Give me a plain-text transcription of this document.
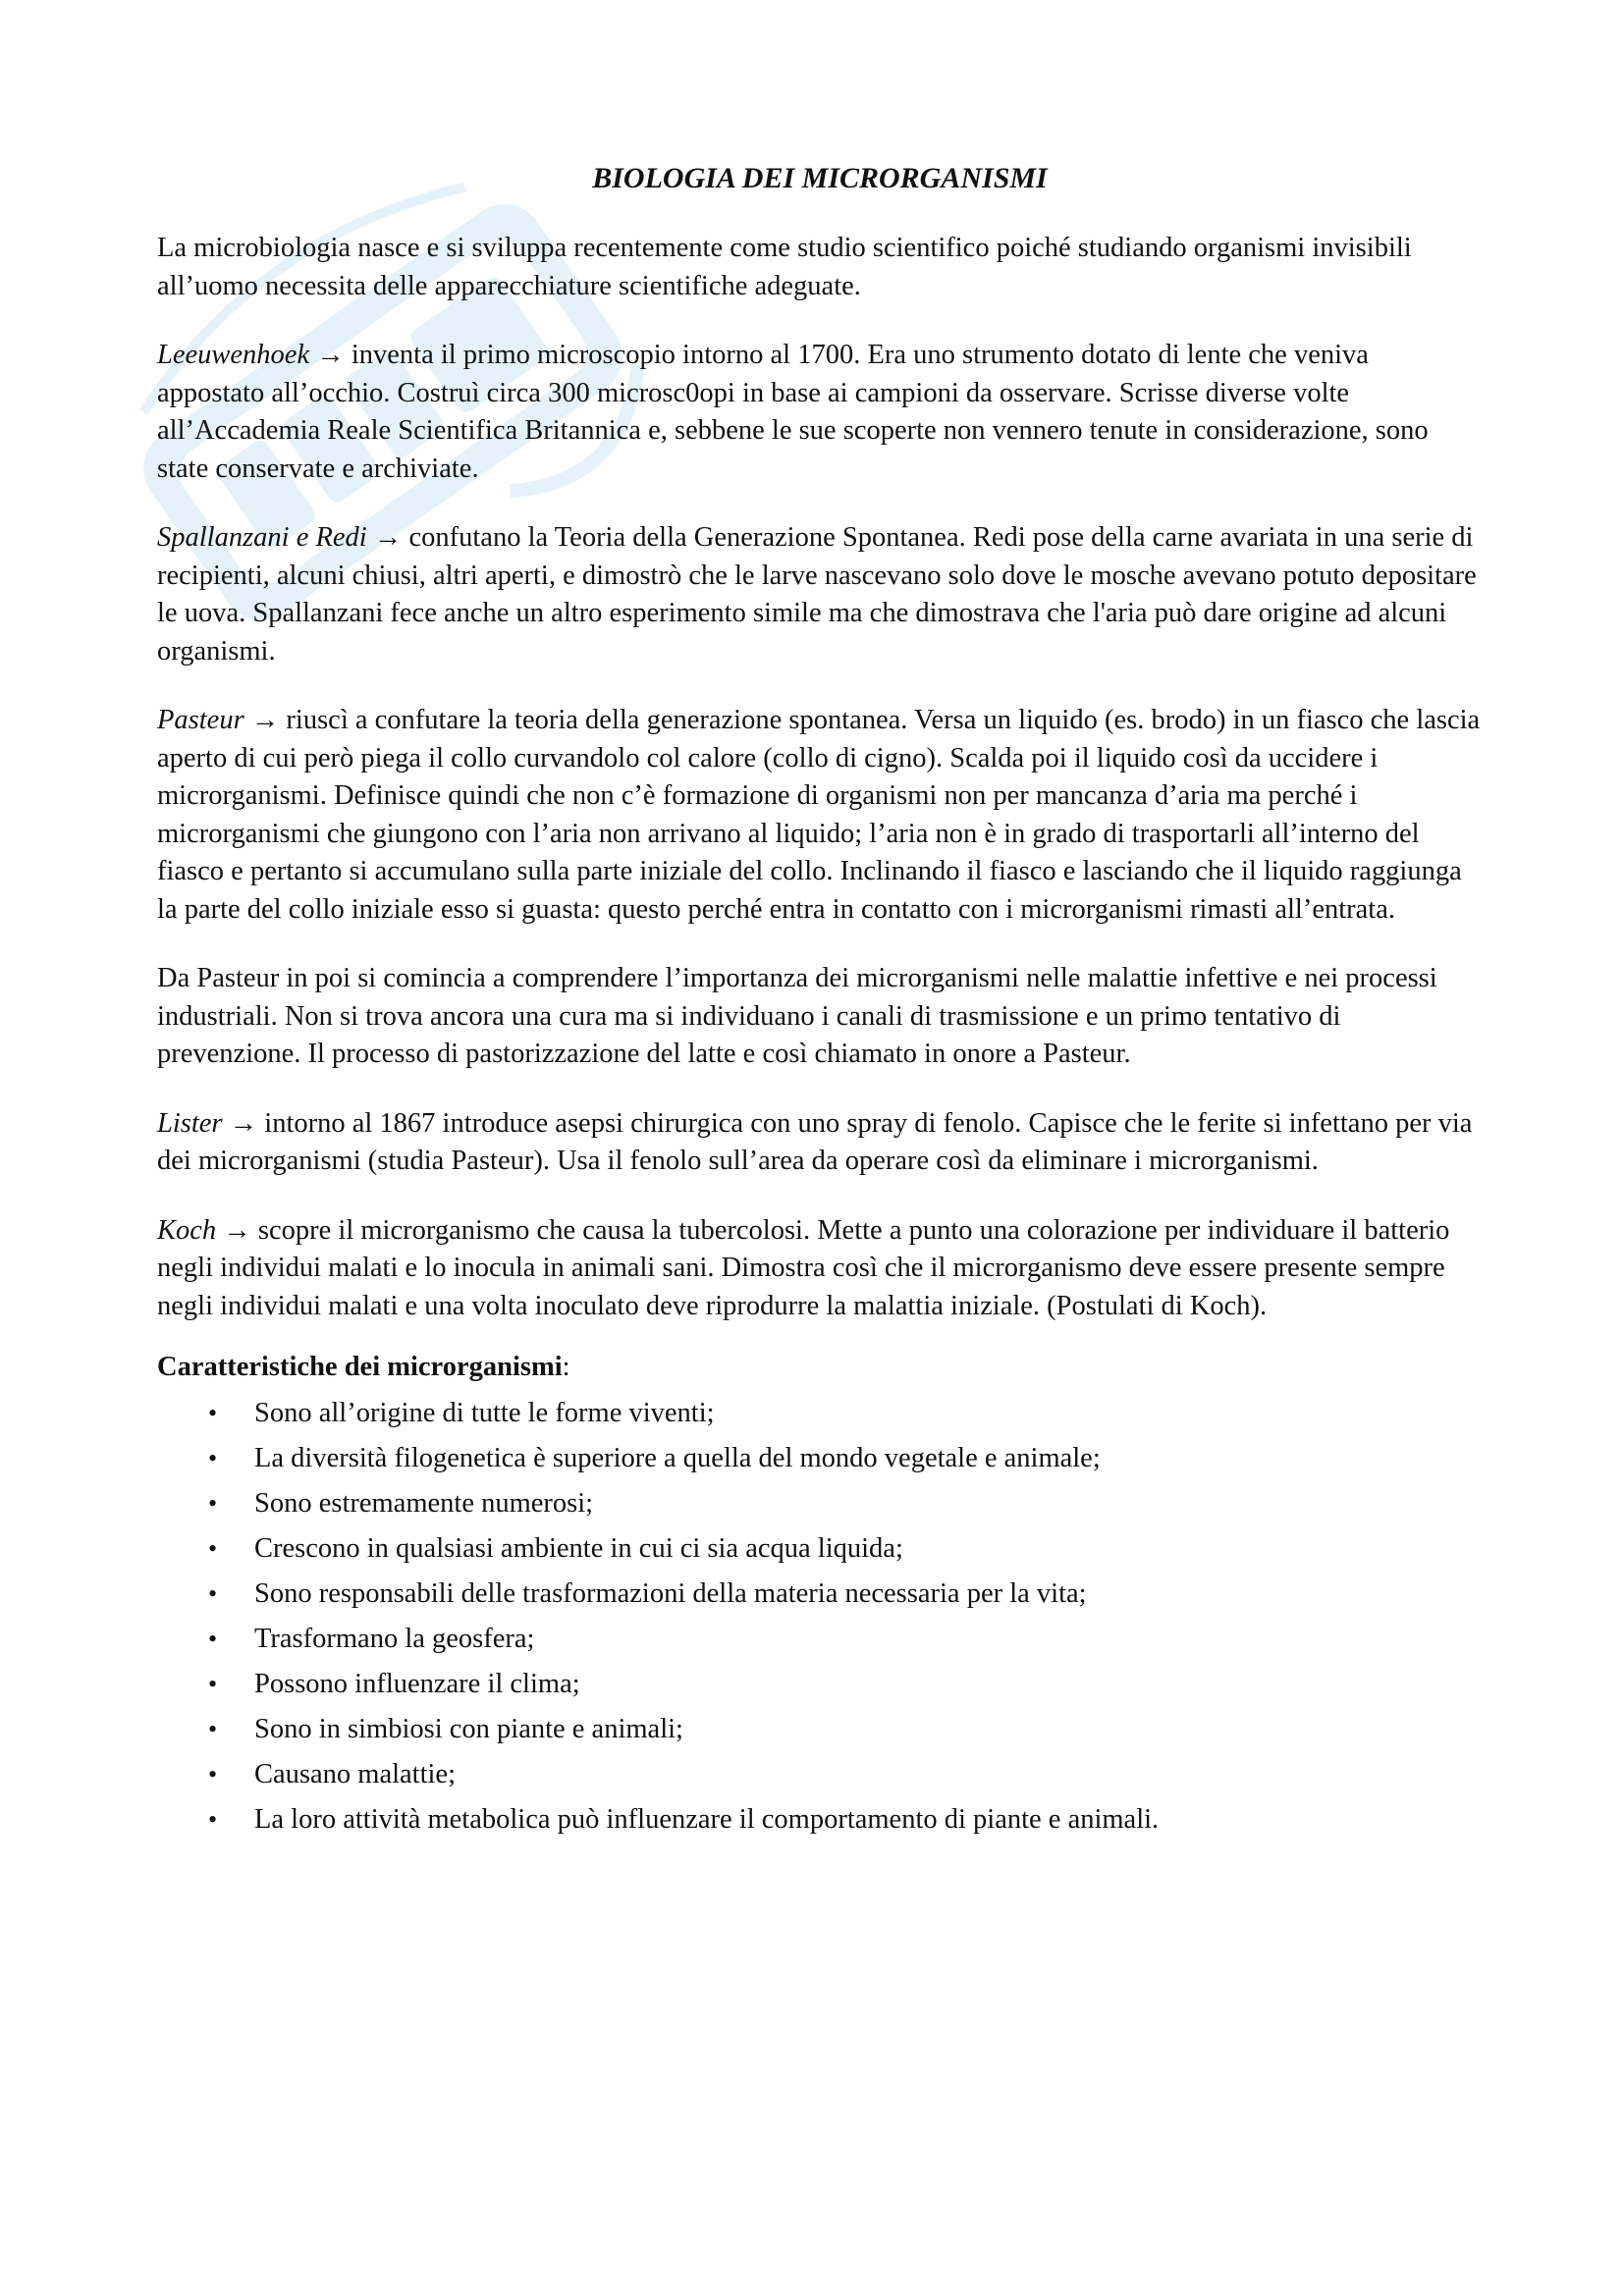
BIOLOGIA DEI MICRORGANISMI

La microbiologia nasce e si sviluppa recentemente come studio scientifico poiché studiando organismi invisibili all’uomo necessita delle apparecchiature scientifiche adeguate.

Leeuwenhoek → inventa il primo microscopio intorno al 1700. Era uno strumento dotato di lente che veniva appostato all’occhio. Costruì circa 300 microsc0opi in base ai campioni da osservare. Scrisse diverse volte all’Accademia Reale Scientifica Britannica e, sebbene le sue scoperte non vennero tenute in considerazione, sono state conservate e archiviate.

Spallanzani e Redi → confutano la Teoria della Generazione Spontanea. Redi pose della carne avariata in una serie di recipienti, alcuni chiusi, altri aperti, e dimostrò che le larve nascevano solo dove le mosche avevano potuto depositare le uova. Spallanzani fece anche un altro esperimento simile ma che dimostrava che l'aria può dare origine ad alcuni organismi.

Pasteur → riuscì a confutare la teoria della generazione spontanea. Versa un liquido (es. brodo) in un fiasco che lascia aperto di cui però piega il collo curvandolo col calore (collo di cigno). Scalda poi il liquido così da uccidere i microrganismi. Definisce quindi che non c’è formazione di organismi non per mancanza d’aria ma perché i microrganismi che giungono con l’aria non arrivano al liquido; l’aria non è in grado di trasportarli all’interno del fiasco e pertanto si accumulano sulla parte iniziale del collo. Inclinando il fiasco e lasciando che il liquido raggiunga la parte del collo iniziale esso si guasta: questo perché entra in contatto con i microrganismi rimasti all’entrata.

Da Pasteur in poi si comincia a comprendere l’importanza dei microrganismi nelle malattie infettive e nei processi industriali. Non si trova ancora una cura ma si individuano i canali di trasmissione e un primo tentativo di prevenzione. Il processo di pastorizzazione del latte e così chiamato in onore a Pasteur.

Lister → intorno al 1867 introduce asepsi chirurgica con uno spray di fenolo. Capisce che le ferite si infettano per via dei microrganismi (studia Pasteur). Usa il fenolo sull’area da operare così da eliminare i microrganismi.

Koch → scopre il microrganismo che causa la tubercolosi. Mette a punto una colorazione per individuare il batterio negli individui malati e lo inocula in animali sani. Dimostra così che il microrganismo deve essere presente sempre negli individui malati e una volta inoculato deve riprodurre la malattia iniziale. (Postulati di Koch).

Caratteristiche dei microrganismi:
• Sono all’origine di tutte le forme viventi;
• La diversità filogenetica è superiore a quella del mondo vegetale e animale;
• Sono estremamente numerosi;
• Crescono in qualsiasi ambiente in cui ci sia acqua liquida;
• Sono responsabili delle trasformazioni della materia necessaria per la vita;
• Trasformano la geosfera;
• Possono influenzare il clima;
• Sono in simbiosi con piante e animali;
• Causano malattie;
• La loro attività metabolica può influenzare il comportamento di piante e animali.
